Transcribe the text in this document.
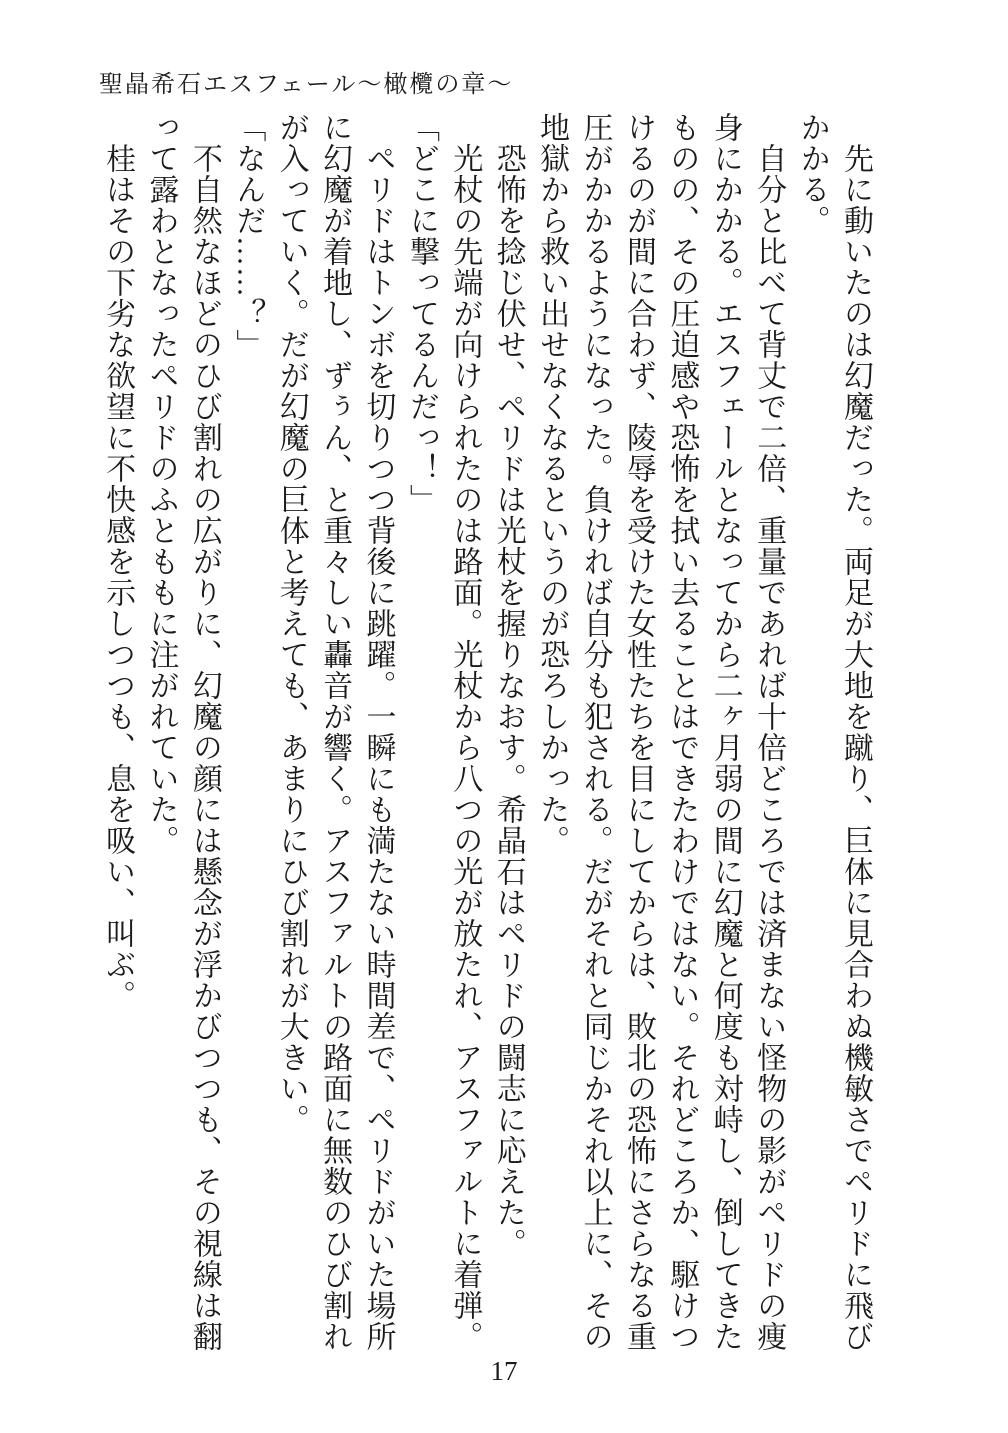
聖晶希石エスフェール～橄欖の章～
　先に動いたのは幻魔だった。両足が大地を蹴り、巨体に見合わぬ機敏さでペリドに飛び
かかる。
　自分と比べて背丈で二倍、重量であれば十倍どころでは済まない怪物の影がペリドの痩
身にかかる。エスフェールとなってから二ヶ月弱の間に幻魔と何度も対峙し、倒してきた
ものの、その圧迫感や恐怖を拭い去ることはできたわけではない。それどころか、駆けつ
けるのが間に合わず、陵辱を受けた女性たちを目にしてからは、敗北の恐怖にさらなる重
圧がかかるようになった。負ければ自分も犯される。だがそれと同じかそれ以上に、その
地獄から救い出せなくなるというのが恐ろしかった。
　恐怖を捻じ伏せ、ペリドは光杖を握りなおす。希晶石はペリドの闘志に応えた。
　光杖の先端が向けられたのは路面。光杖から八つの光が放たれ、アスファルトに着弾。
「どこに撃ってるんだっ！」
　ペリドはトンボを切りつつ背後に跳躍。一瞬にも満たない時間差で、ペリドがいた場所
に幻魔が着地し、ずぅん、と重々しい轟音が響く。アスファルトの路面に無数のひび割れ
が入っていく。だが幻魔の巨体と考えても、あまりにひび割れが大きい。
「なんだ……？」
　不自然なほどのひび割れの広がりに、幻魔の顔には懸念が浮かびつつも、その視線は翻
って露わとなったペリドのふとももに注がれていた。
　桂はその下劣な欲望に不快感を示しつつも、息を吸い、叫ぶ。
17
